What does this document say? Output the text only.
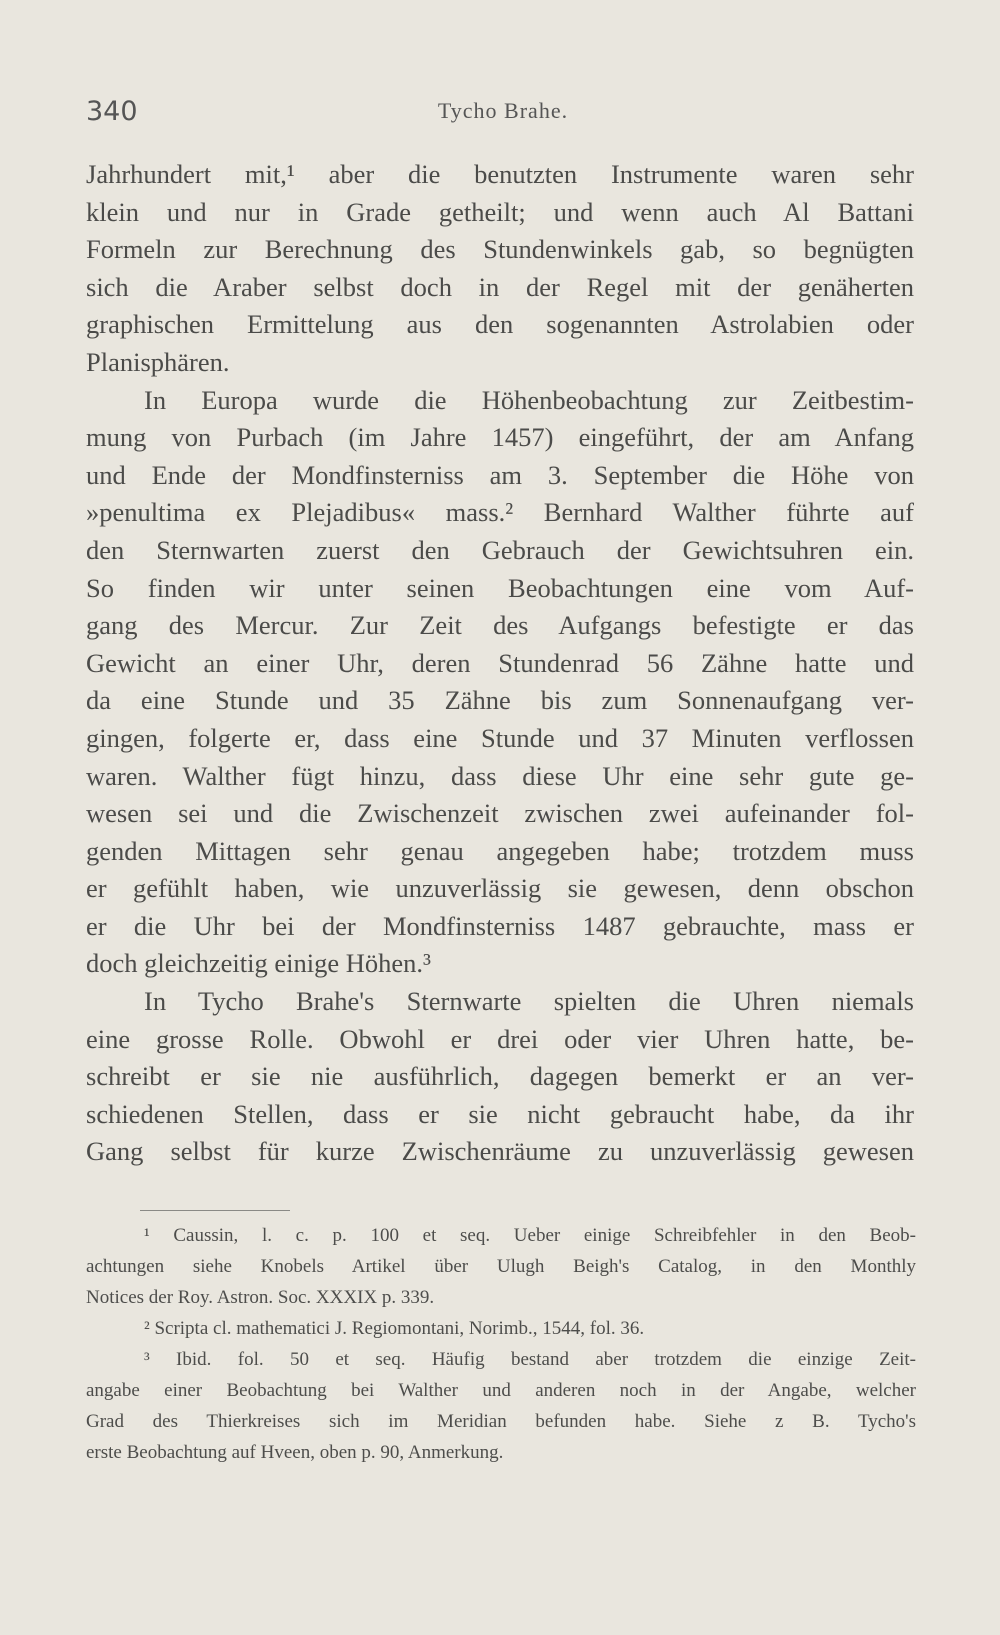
340	Tycho Brahe.

Jahrhundert mit,¹ aber die benutzten Instrumente waren sehr
klein und nur in Grade getheilt; und wenn auch Al Battani
Formeln zur Berechnung des Stundenwinkels gab, so begnügten
sich die Araber selbst doch in der Regel mit der genäherten
graphischen Ermittelung aus den sogenannten Astrolabien oder
Planisphären.

In Europa wurde die Höhenbeobachtung zur Zeitbestim-
mung von Purbach (im Jahre 1457) eingeführt, der am Anfang
und Ende der Mondfinsterniss am 3. September die Höhe von
»penultima ex Plejadibus« mass.² Bernhard Walther führte auf
den Sternwarten zuerst den Gebrauch der Gewichtsuhren ein.
So finden wir unter seinen Beobachtungen eine vom Auf-
gang des Mercur. Zur Zeit des Aufgangs befestigte er das
Gewicht an einer Uhr, deren Stundenrad 56 Zähne hatte und
da eine Stunde und 35 Zähne bis zum Sonnenaufgang ver-
gingen, folgerte er, dass eine Stunde und 37 Minuten verflossen
waren. Walther fügt hinzu, dass diese Uhr eine sehr gute ge-
wesen sei und die Zwischenzeit zwischen zwei aufeinander fol-
genden Mittagen sehr genau angegeben habe; trotzdem muss
er gefühlt haben, wie unzuverlässig sie gewesen, denn obschon
er die Uhr bei der Mondfinsterniss 1487 gebrauchte, mass er
doch gleichzeitig einige Höhen.³

In Tycho Brahe's Sternwarte spielten die Uhren niemals
eine grosse Rolle. Obwohl er drei oder vier Uhren hatte, be-
schreibt er sie nie ausführlich, dagegen bemerkt er an ver-
schiedenen Stellen, dass er sie nicht gebraucht habe, da ihr
Gang selbst für kurze Zwischenräume zu unzuverlässig gewesen

¹ Caussin, l. c. p. 100 et seq. Ueber einige Schreibfehler in den Beob-
achtungen siehe Knobels Artikel über Ulugh Beigh's Catalog, in den Monthly
Notices der Roy. Astron. Soc. XXXIX p. 339.
² Scripta cl. mathematici J. Regiomontani, Norimb., 1544, fol. 36.
³ Ibid. fol. 50 et seq. Häufig bestand aber trotzdem die einzige Zeit-
angabe einer Beobachtung bei Walther und anderen noch in der Angabe, welcher
Grad des Thierkreises sich im Meridian befunden habe. Siehe z B. Tycho's
erste Beobachtung auf Hveen, oben p. 90, Anmerkung.
